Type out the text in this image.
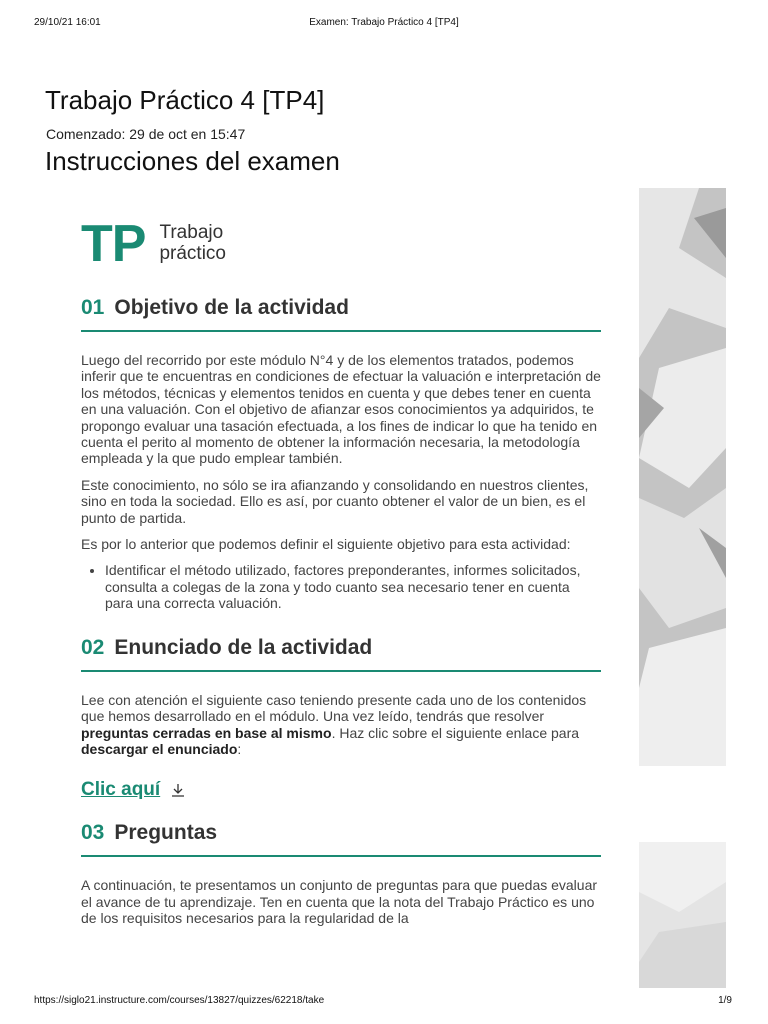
29/10/21 16:01	Examen: Trabajo Práctico 4 [TP4]
Trabajo Práctico 4 [TP4]
Comenzado: 29 de oct en 15:47
Instrucciones del examen
TP Trabajo
práctico
01 Objetivo de la actividad

Luego del recorrido por este módulo N°4 y de los elementos tratados, podemos inferir que te encuentras en condiciones de efectuar la valuación e interpretación de los métodos, técnicas y elementos tenidos en cuenta y que debes tener en cuenta en una valuación. Con el objetivo de afianzar esos conocimientos ya adquiridos, te propongo evaluar una tasación efectuada, a los fines de indicar lo que ha tenido en cuenta el perito al momento de obtener la información necesaria, la metodología empleada y la que pudo emplear también.

Este conocimiento, no sólo se ira afianzando y consolidando en nuestros clientes, sino en toda la sociedad. Ello es así, por cuanto obtener el valor de un bien, es el punto de partida.

Es por lo anterior que podemos definir el siguiente objetivo para esta actividad:

• Identificar el método utilizado, factores preponderantes, informes solicitados, consulta a colegas de la zona y todo cuanto sea necesario tener en cuenta para una correcta valuación.
02 Enunciado de la actividad

Lee con atención el siguiente caso teniendo presente cada uno de los contenidos que hemos desarrollado en el módulo. Una vez leído, tendrás que resolver preguntas cerradas en base al mismo. Haz clic sobre el siguiente enlace para descargar el enunciado:

Clic aquí
03 Preguntas

A continuación, te presentamos un conjunto de preguntas para que puedas evaluar el avance de tu aprendizaje. Ten en cuenta que la nota del Trabajo Práctico es uno de los requisitos necesarios para la regularidad de la

https://siglo21.instructure.com/courses/13827/quizzes/62218/take	1/9
